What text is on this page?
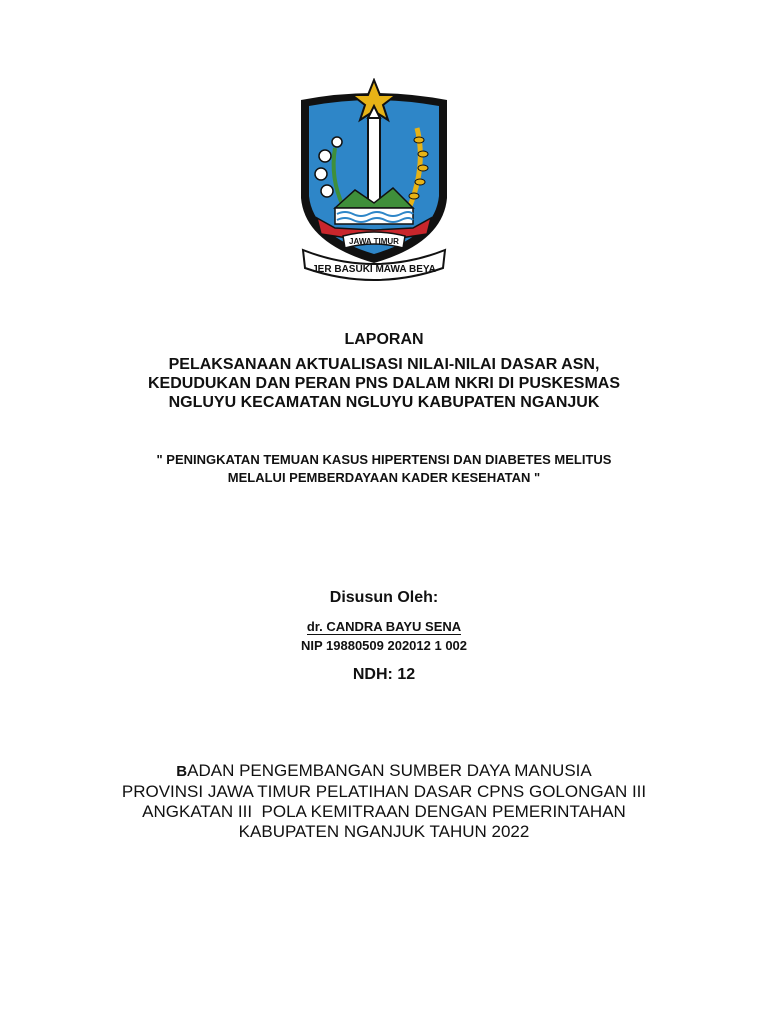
JAWA TIMUR
JER BASUKI MAWA BEYA
LAPORAN
PELAKSANAAN AKTUALISASI NILAI-NILAI DASAR ASN,
KEDUDUKAN DAN PERAN PNS DALAM NKRI DI PUSKESMAS
NGLUYU KECAMATAN NGLUYU KABUPATEN NGANJUK
" PENINGKATAN TEMUAN KASUS HIPERTENSI DAN DIABETES MELITUS
MELALUI PEMBERDAYAAN KADER KESEHATAN "
Disusun Oleh:
dr. CANDRA BAYU SENA
NIP 19880509 202012 1 002
NDH: 12
BADAN PENGEMBANGAN SUMBER DAYA MANUSIA
PROVINSI JAWA TIMUR PELATIHAN DASAR CPNS GOLONGAN III
ANGKATAN III  POLA KEMITRAAN DENGAN PEMERINTAHAN
KABUPATEN NGANJUK TAHUN 2022
